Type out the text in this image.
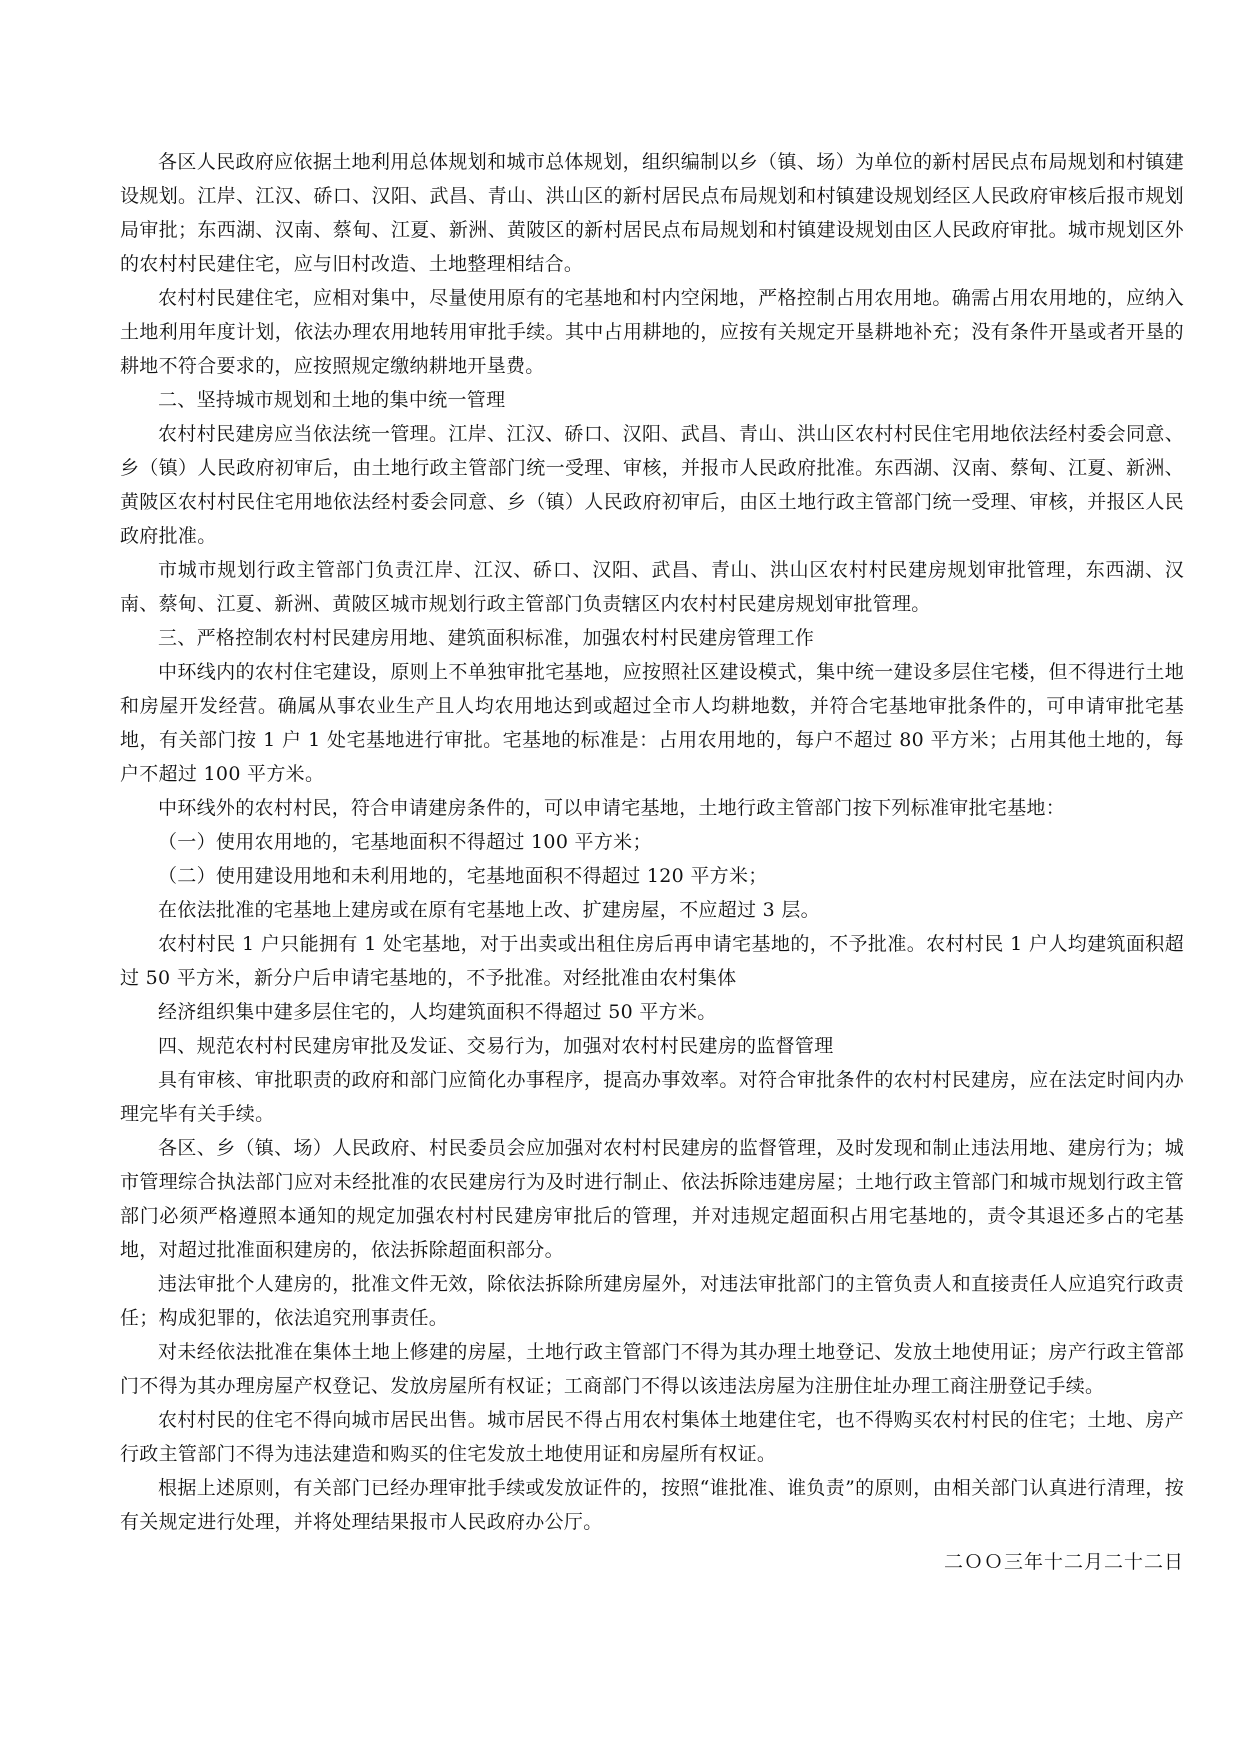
各区人民政府应依据土地利用总体规划和城市总体规划，组织编制以乡（镇、场）为单位的新村居民点布局规划和村镇建设规划。江岸、江汉、硚口、汉阳、武昌、青山、洪山区的新村居民点布局规划和村镇建设规划经区人民政府审核后报市规划局审批；东西湖、汉南、蔡甸、江夏、新洲、黄陂区的新村居民点布局规划和村镇建设规划由区人民政府审批。城市规划区外的农村村民建住宅，应与旧村改造、土地整理相结合。

农村村民建住宅，应相对集中，尽量使用原有的宅基地和村内空闲地，严格控制占用农用地。确需占用农用地的，应纳入土地利用年度计划，依法办理农用地转用审批手续。其中占用耕地的，应按有关规定开垦耕地补充；没有条件开垦或者开垦的耕地不符合要求的，应按照规定缴纳耕地开垦费。

二、坚持城市规划和土地的集中统一管理

农村村民建房应当依法统一管理。江岸、江汉、硚口、汉阳、武昌、青山、洪山区农村村民住宅用地依法经村委会同意、乡（镇）人民政府初审后，由土地行政主管部门统一受理、审核，并报市人民政府批准。东西湖、汉南、蔡甸、江夏、新洲、黄陂区农村村民住宅用地依法经村委会同意、乡（镇）人民政府初审后，由区土地行政主管部门统一受理、审核，并报区人民政府批准。

市城市规划行政主管部门负责江岸、江汉、硚口、汉阳、武昌、青山、洪山区农村村民建房规划审批管理，东西湖、汉南、蔡甸、江夏、新洲、黄陂区城市规划行政主管部门负责辖区内农村村民建房规划审批管理。

三、严格控制农村村民建房用地、建筑面积标准，加强农村村民建房管理工作

中环线内的农村住宅建设，原则上不单独审批宅基地，应按照社区建设模式，集中统一建设多层住宅楼，但不得进行土地和房屋开发经营。确属从事农业生产且人均农用地达到或超过全市人均耕地数，并符合宅基地审批条件的，可申请审批宅基地，有关部门按 1 户 1 处宅基地进行审批。宅基地的标准是：占用农用地的，每户不超过 80 平方米；占用其他土地的，每户不超过 100 平方米。

中环线外的农村村民，符合申请建房条件的，可以申请宅基地，土地行政主管部门按下列标准审批宅基地：

（一）使用农用地的，宅基地面积不得超过 100 平方米；

（二）使用建设用地和未利用地的，宅基地面积不得超过 120 平方米；

在依法批准的宅基地上建房或在原有宅基地上改、扩建房屋，不应超过 3 层。

农村村民 1 户只能拥有 1 处宅基地，对于出卖或出租住房后再申请宅基地的，不予批准。农村村民 1 户人均建筑面积超过 50 平方米，新分户后申请宅基地的，不予批准。对经批准由农村集体

经济组织集中建多层住宅的，人均建筑面积不得超过 50 平方米。

四、规范农村村民建房审批及发证、交易行为，加强对农村村民建房的监督管理

具有审核、审批职责的政府和部门应简化办事程序，提高办事效率。对符合审批条件的农村村民建房，应在法定时间内办理完毕有关手续。

各区、乡（镇、场）人民政府、村民委员会应加强对农村村民建房的监督管理，及时发现和制止违法用地、建房行为；城市管理综合执法部门应对未经批准的农民建房行为及时进行制止、依法拆除违建房屋；土地行政主管部门和城市规划行政主管部门必须严格遵照本通知的规定加强农村村民建房审批后的管理，并对违规定超面积占用宅基地的，责令其退还多占的宅基地，对超过批准面积建房的，依法拆除超面积部分。

违法审批个人建房的，批准文件无效，除依法拆除所建房屋外，对违法审批部门的主管负责人和直接责任人应追究行政责任；构成犯罪的，依法追究刑事责任。

对未经依法批准在集体土地上修建的房屋，土地行政主管部门不得为其办理土地登记、发放土地使用证；房产行政主管部门不得为其办理房屋产权登记、发放房屋所有权证；工商部门不得以该违法房屋为注册住址办理工商注册登记手续。

农村村民的住宅不得向城市居民出售。城市居民不得占用农村集体土地建住宅，也不得购买农村村民的住宅；土地、房产行政主管部门不得为违法建造和购买的住宅发放土地使用证和房屋所有权证。

根据上述原则，有关部门已经办理审批手续或发放证件的，按照“谁批准、谁负责”的原则，由相关部门认真进行清理，按有关规定进行处理，并将处理结果报市人民政府办公厅。

二ＯＯ三年十二月二十二日
